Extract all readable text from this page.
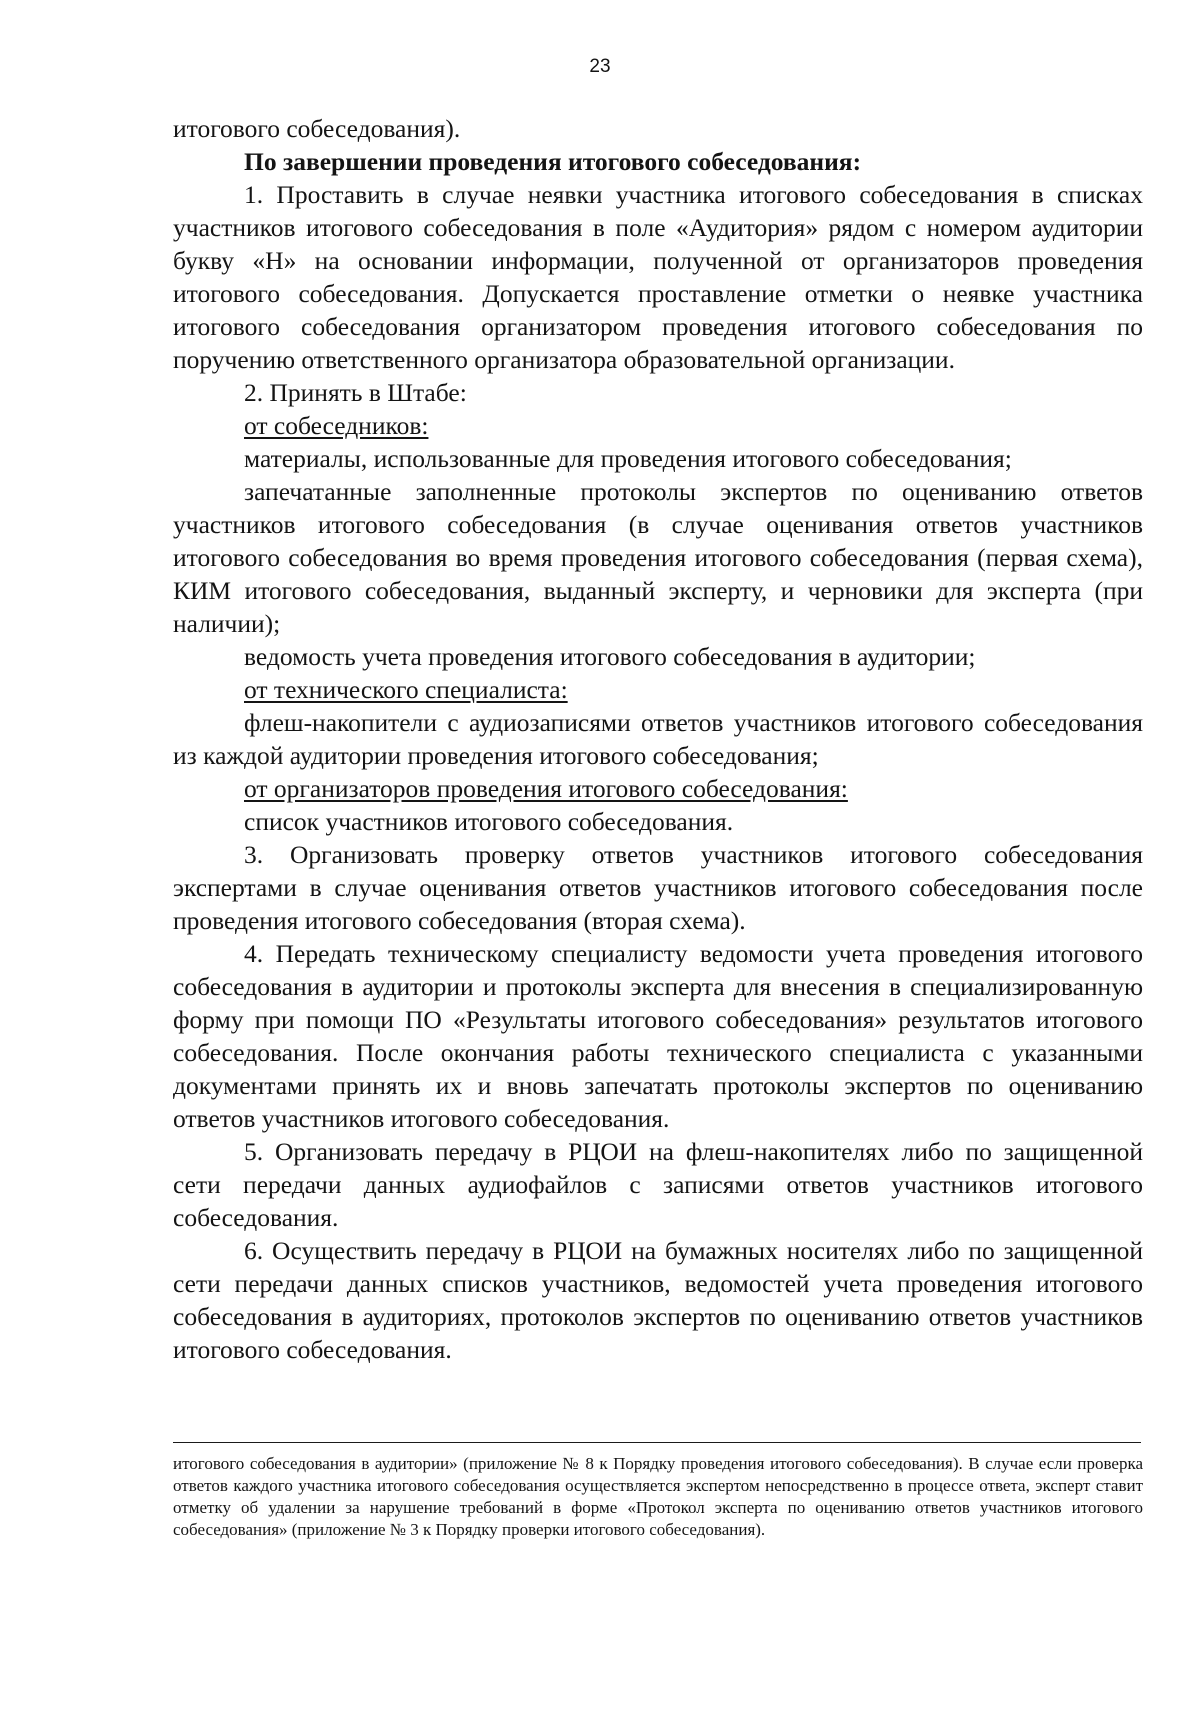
23

итогового собеседования).

По завершении проведения итогового собеседования:

1. Проставить в случае неявки участника итогового собеседования в списках участников итогового собеседования в поле «Аудитория» рядом с номером аудитории букву «Н» на основании информации, полученной от организаторов проведения итогового собеседования. Допускается проставление отметки о неявке участника итогового собеседования организатором проведения итогового собеседования по поручению ответственного организатора образовательной организации.

2. Принять в Штабе:

от собеседников:

материалы, использованные для проведения итогового собеседования;

запечатанные заполненные протоколы экспертов по оцениванию ответов участников итогового собеседования (в случае оценивания ответов участников итогового собеседования во время проведения итогового собеседования (первая схема), КИМ итогового собеседования, выданный эксперту, и черновики для эксперта (при наличии);

ведомость учета проведения итогового собеседования в аудитории;

от технического специалиста:

флеш-накопители с аудиозаписями ответов участников итогового собеседования из каждой аудитории проведения итогового собеседования;

от организаторов проведения итогового собеседования:

список участников итогового собеседования.

3. Организовать проверку ответов участников итогового собеседования экспертами в случае оценивания ответов участников итогового собеседования после проведения итогового собеседования (вторая схема).

4. Передать техническому специалисту ведомости учета проведения итогового собеседования в аудитории и протоколы эксперта для внесения в специализированную форму при помощи ПО «Результаты итогового собеседования» результатов итогового собеседования. После окончания работы технического специалиста с указанными документами принять их и вновь запечатать протоколы экспертов по оцениванию ответов участников итогового собеседования.

5. Организовать передачу в РЦОИ на флеш-накопителях либо по защищенной сети передачи данных аудиофайлов с записями ответов участников итогового собеседования.

6. Осуществить передачу в РЦОИ на бумажных носителях либо по защищенной сети передачи данных списков участников, ведомостей учета проведения итогового собеседования в аудиториях, протоколов экспертов по оцениванию ответов участников итогового собеседования.

итогового собеседования в аудитории» (приложение № 8 к Порядку проведения итогового собеседования). В случае если проверка ответов каждого участника итогового собеседования осуществляется экспертом непосредственно в процессе ответа, эксперт ставит отметку об удалении за нарушение требований в форме «Протокол эксперта по оцениванию ответов участников итогового собеседования» (приложение № 3 к Порядку проверки итогового собеседования).
